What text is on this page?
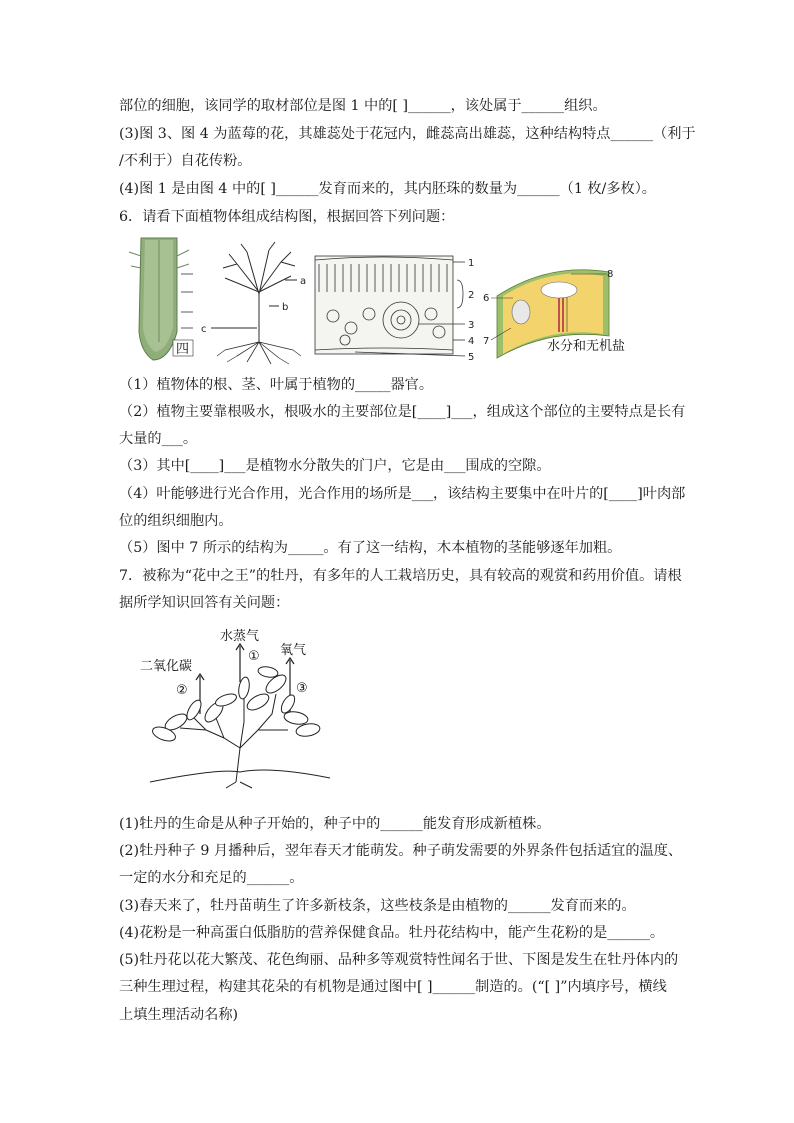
部位的细胞，该同学的取材部位是图 1 中的[ ]______，该处属于______组织。
(3)图 3、图 4 为蓝莓的花，其雄蕊处于花冠内，雌蕊高出雄蕊，这种结构特点______（利于
/不利于）自花传粉。
(4)图 1 是由图 4 中的[ ]______发育而来的，其内胚珠的数量为______（1 枚/多枚）。
6．请看下面植物体组成结构图，根据回答下列问题：
四
a
b
c
1
2
3
4
5
6
7
8
水分和无机盐
（1）植物体的根、茎、叶属于植物的_____器官。
（2）植物主要靠根吸水，根吸水的主要部位是[____]___，组成这个部位的主要特点是长有
大量的___。
（3）其中[____]___是植物水分散失的门户，它是由___围成的空隙。
（4）叶能够进行光合作用，光合作用的场所是___，该结构主要集中在叶片的[____]叶肉部
位的组织细胞内。
（5）图中 7 所示的结构为_____。有了这一结构，木本植物的茎能够逐年加粗。
7．被称为“花中之王”的牡丹，有多年的人工栽培历史，具有较高的观赏和药用价值。请根
据所学知识回答有关问题：
水蒸气
二氧化碳
氧气
①
②	③
(1)牡丹的生命是从种子开始的，种子中的______能发育形成新植株。
(2)牡丹种子 9 月播种后，翌年春天才能萌发。种子萌发需要的外界条件包括适宜的温度、
一定的水分和充足的______。
(3)春天来了，牡丹苗萌生了许多新枝条，这些枝条是由植物的______发育而来的。
(4)花粉是一种高蛋白低脂肪的营养保健食品。牡丹花结构中，能产生花粉的是______。
(5)牡丹花以花大繁茂、花色绚丽、品种多等观赏特性闻名于世、下图是发生在牡丹体内的
三种生理过程，构建其花朵的有机物是通过图中[ ]______制造的。(“[ ]”内填序号，横线
上填生理活动名称)
